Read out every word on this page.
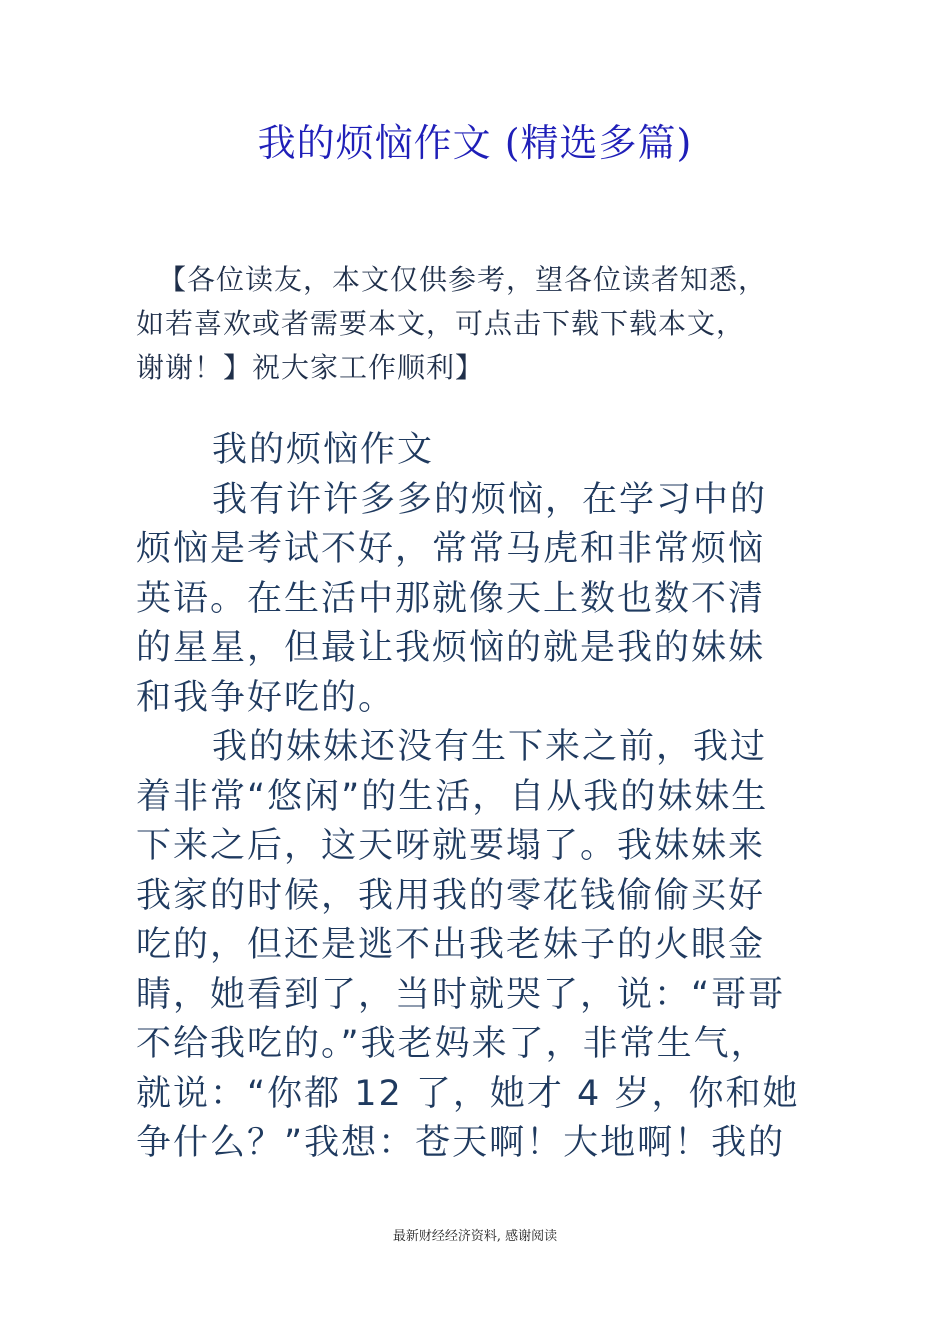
我的烦恼作文 (精选多篇)
【各位读友，本文仅供参考，望各位读者知悉，
如若喜欢或者需要本文，可点击下载下载本文，
谢谢！】祝大家工作顺利】
我的烦恼作文
我有许许多多的烦恼，在学习中的
烦恼是考试不好，常常马虎和非常烦恼
英语。在生活中那就像天上数也数不清
的星星，但最让我烦恼的就是我的妹妹
和我争好吃的。
我的妹妹还没有生下来之前，我过
着非常“悠闲”的生活，自从我的妹妹生
下来之后，这天呀就要塌了。我妹妹来
我家的时候，我用我的零花钱偷偷买好
吃的，但还是逃不出我老妹子的火眼金
睛，她看到了，当时就哭了，说：“哥哥
不给我吃的。”我老妈来了，非常生气，
就说：“你都 12 了，她才 4 岁，你和她
争什么？”我想：苍天啊！大地啊！我的
最新财经经济资料, 感谢阅读
